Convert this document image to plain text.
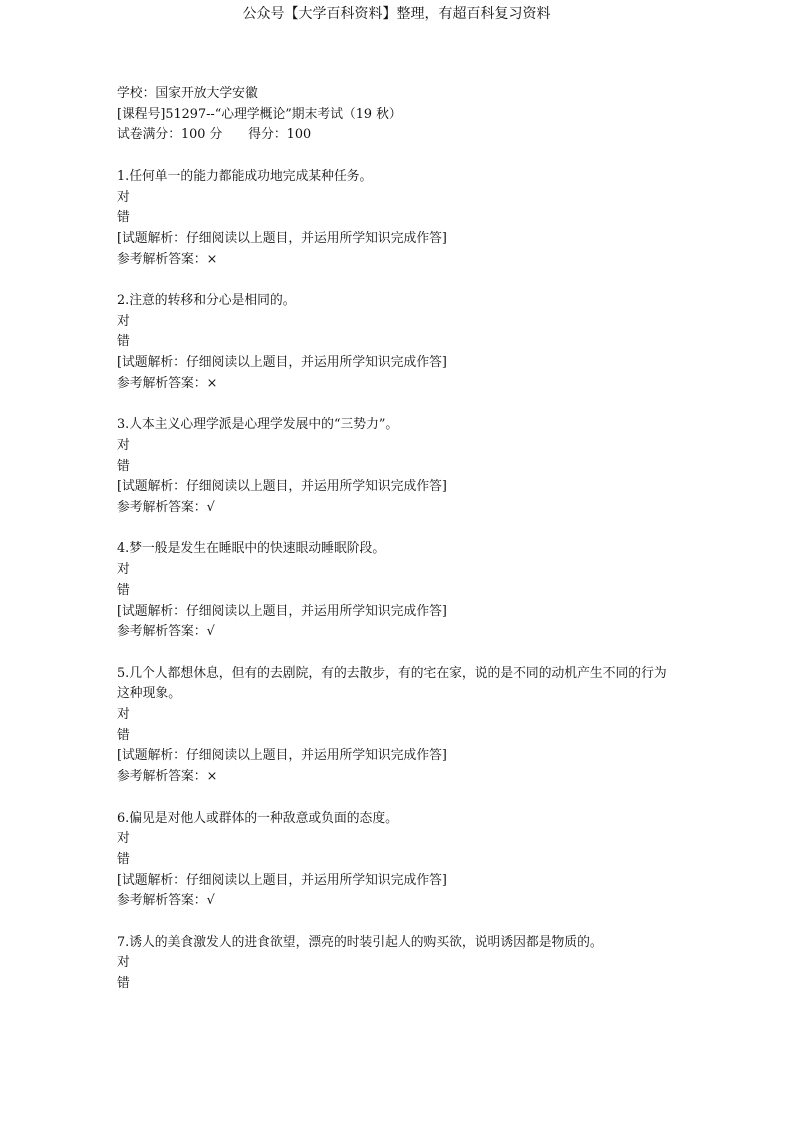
公众号【大学百科资料】整理，有超百科复习资料
学校：国家开放大学安徽
[课程号]51297--“心理学概论”期末考试（19 秋）
试卷满分：100 分 得分：100
1.任何单一的能力都能成功地完成某种任务。
对
错
[试题解析：仔细阅读以上题目，并运用所学知识完成作答]
参考解析答案：×
2.注意的转移和分心是相同的。
对
错
[试题解析：仔细阅读以上题目，并运用所学知识完成作答]
参考解析答案：×
3.人本主义心理学派是心理学发展中的“三势力”。
对
错
[试题解析：仔细阅读以上题目，并运用所学知识完成作答]
参考解析答案：√
4.梦一般是发生在睡眠中的快速眼动睡眠阶段。
对
错
[试题解析：仔细阅读以上题目，并运用所学知识完成作答]
参考解析答案：√
5.几个人都想休息，但有的去剧院，有的去散步，有的宅在家，说的是不同的动机产生不同的行为这种现象。
对
错
[试题解析：仔细阅读以上题目，并运用所学知识完成作答]
参考解析答案：×
6.偏见是对他人或群体的一种敌意或负面的态度。
对
错
[试题解析：仔细阅读以上题目，并运用所学知识完成作答]
参考解析答案：√
7.诱人的美食激发人的进食欲望，漂亮的时装引起人的购买欲，说明诱因都是物质的。
对
错
